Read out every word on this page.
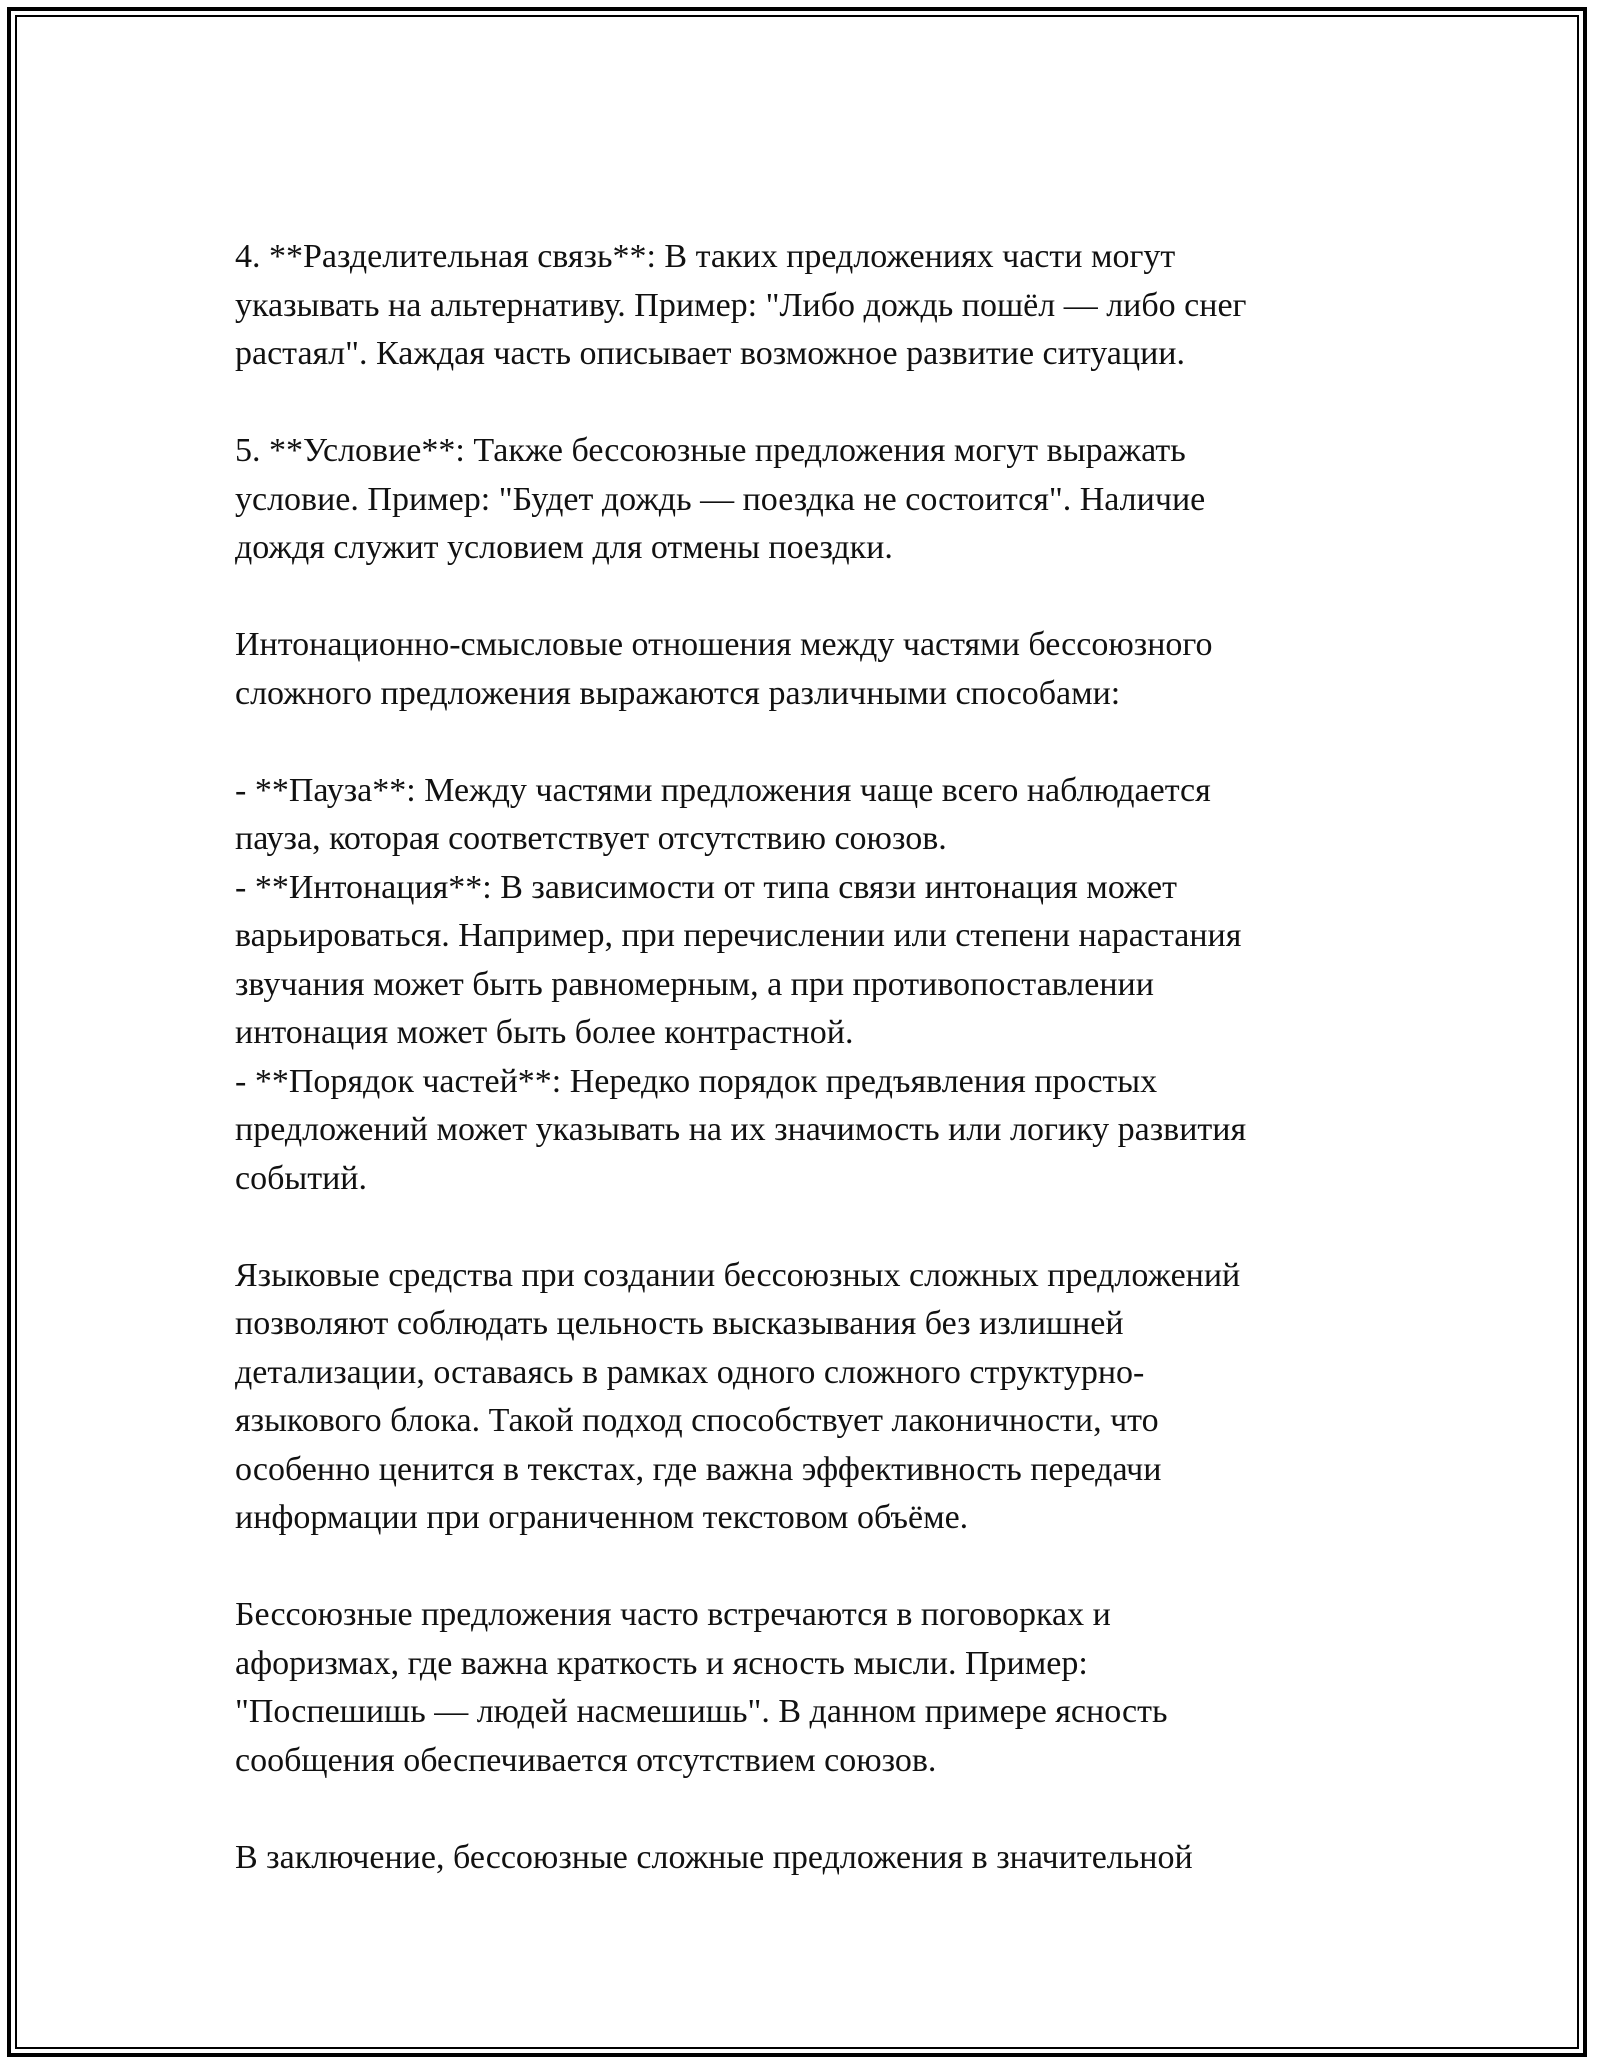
4. **Разделительная связь**: В таких предложениях части могут
указывать на альтернативу. Пример: "Либо дождь пошёл — либо снег
растаял". Каждая часть описывает возможное развитие ситуации.
5. **Условие**: Также бессоюзные предложения могут выражать
условие. Пример: "Будет дождь — поездка не состоится". Наличие
дождя служит условием для отмены поездки.
Интонационно-смысловые отношения между частями бессоюзного
сложного предложения выражаются различными способами:
- **Пауза**: Между частями предложения чаще всего наблюдается
пауза, которая соответствует отсутствию союзов.
- **Интонация**: В зависимости от типа связи интонация может
варьироваться. Например, при перечислении или степени нарастания
звучания может быть равномерным, а при противопоставлении
интонация может быть более контрастной.
- **Порядок частей**: Нередко порядок предъявления простых
предложений может указывать на их значимость или логику развития
событий.
Языковые средства при создании бессоюзных сложных предложений
позволяют соблюдать цельность высказывания без излишней
детализации, оставаясь в рамках одного сложного структурно-
языкового блока. Такой подход способствует лаконичности, что
особенно ценится в текстах, где важна эффективность передачи
информации при ограниченном текстовом объёме.
Бессоюзные предложения часто встречаются в поговорках и
афоризмах, где важна краткость и ясность мысли. Пример:
"Поспешишь — людей насмешишь". В данном примере ясность
сообщения обеспечивается отсутствием союзов.
В заключение, бессоюзные сложные предложения в значительной
